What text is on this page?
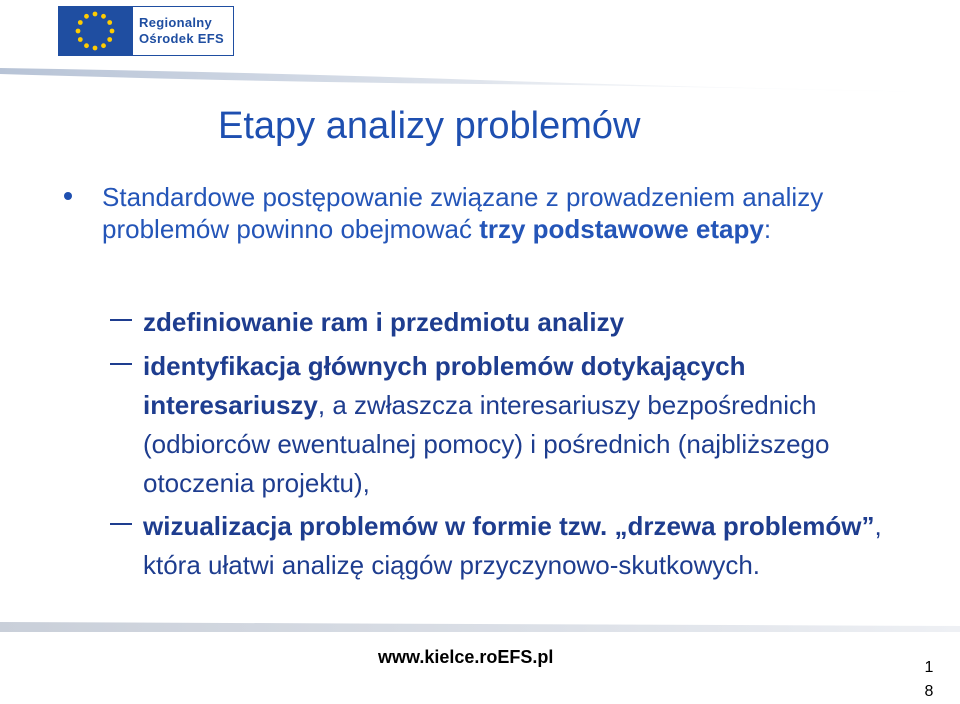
Regionalny
Ośrodek EFS
Etapy analizy problemów
Standardowe postępowanie związane z prowadzeniem analizy problemów powinno obejmować trzy podstawowe etapy:
zdefiniowanie ram i przedmiotu analizy
identyfikacja głównych problemów dotykających interesariuszy, a zwłaszcza interesariuszy bezpośrednich (odbiorców ewentualnej pomocy) i pośrednich (najbliższego otoczenia projektu),
wizualizacja problemów w formie tzw. „drzewa problemów”, która ułatwi analizę ciągów przyczynowo-skutkowych.
www.kielce.roEFS.pl
1
8
